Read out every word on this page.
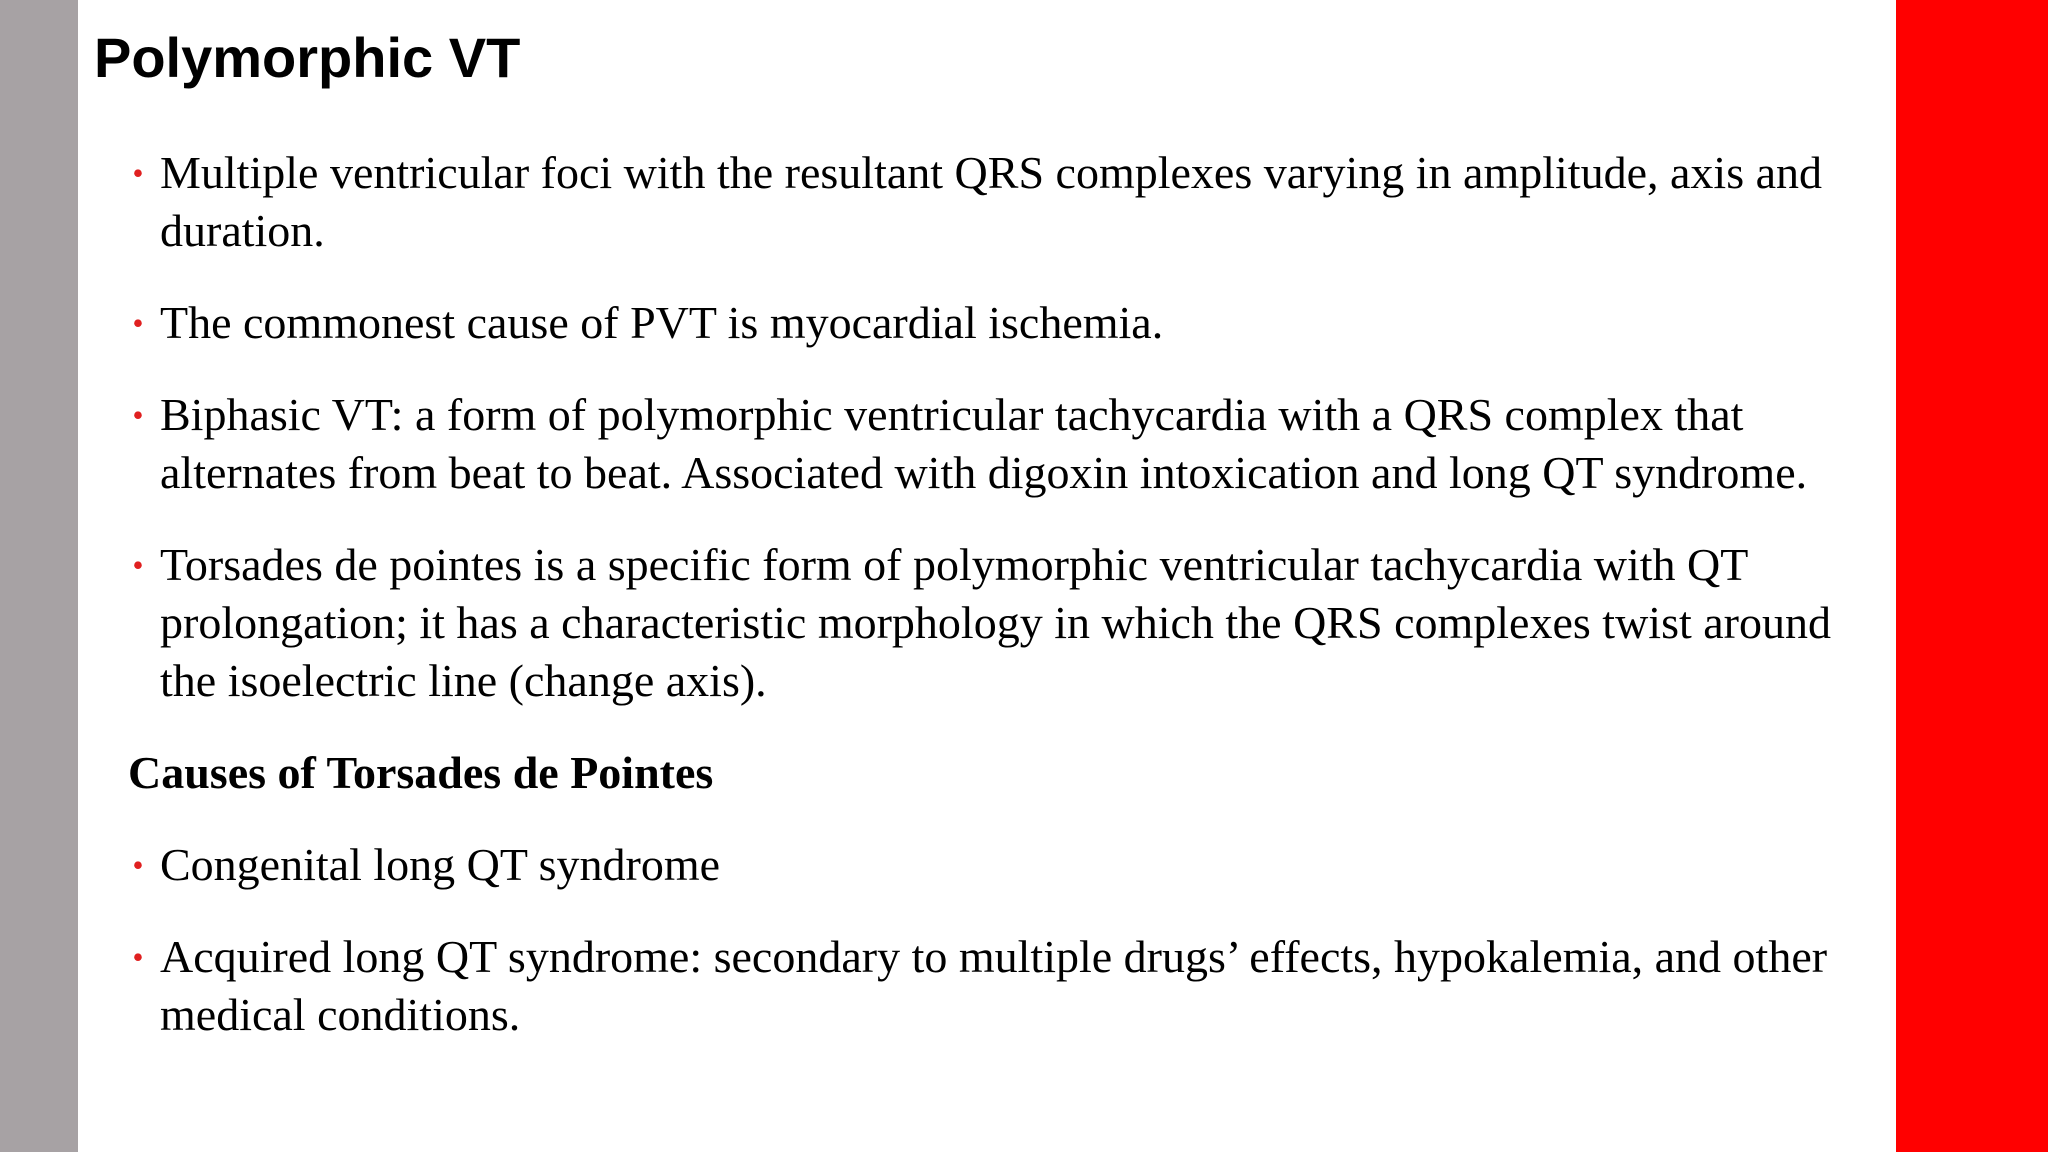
Polymorphic VT
• Multiple ventricular foci with the resultant QRS complexes varying in amplitude, axis and duration.
• The commonest cause of PVT is myocardial ischemia.
• Biphasic VT: a form of polymorphic ventricular tachycardia with a QRS complex that alternates from beat to beat. Associated with digoxin intoxication and long QT syndrome.
• Torsades de pointes is a specific form of polymorphic ventricular tachycardia with QT prolongation; it has a characteristic morphology in which the QRS complexes twist around the isoelectric line (change axis).
Causes of Torsades de Pointes
• Congenital long QT syndrome
• Acquired long QT syndrome: secondary to multiple drugs’ effects, hypokalemia, and other medical conditions.
